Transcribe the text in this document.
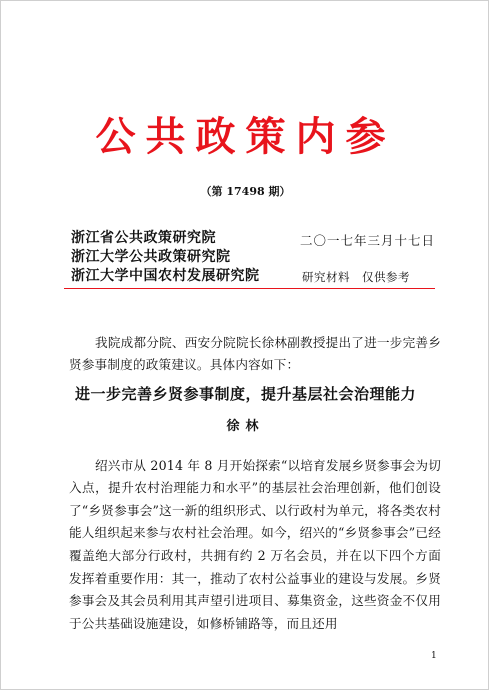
公共政策内参
（第 17498 期）
浙江省公共政策研究院
浙江大学公共政策研究院
浙江大学中国农村发展研究院
二〇一七年三月十七日
研究材料　仅供参考

我院成都分院、西安分院院长徐林副教授提出了进一步完善乡贤参事制度的政策建议。具体内容如下：

进一步完善乡贤参事制度，提升基层社会治理能力
徐林

绍兴市从 2014 年 8 月开始探索“以培育发展乡贤参事会为切入点，提升农村治理能力和水平”的基层社会治理创新，他们创设了“乡贤参事会”这一新的组织形式、以行政村为单元，将各类农村能人组织起来参与农村社会治理。如今，绍兴的“乡贤参事会”已经覆盖绝大部分行政村，共拥有约 2 万名会员，并在以下四个方面发挥着重要作用：其一，推动了农村公益事业的建设与发展。乡贤参事会及其会员利用其声望引进项目、募集资金，这些资金不仅用于公共基础设施建设，如修桥铺路等，而且还用

1
